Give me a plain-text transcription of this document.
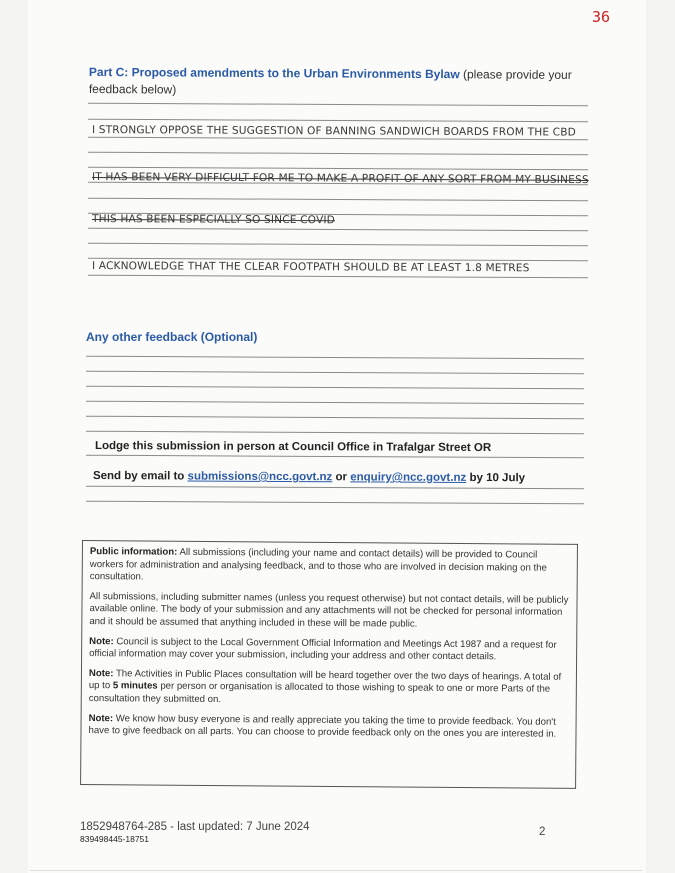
36
Part C: Proposed amendments to the Urban Environments Bylaw (please provide your feedback below)
I STRONGLY OPPOSE THE SUGGESTION OF BANNING SANDWICH BOARDS FROM THE CBD
IT HAS BEEN VERY DIFFICULT FOR ME TO MAKE A PROFIT OF ANY SORT FROM MY BUSINESS
THIS HAS BEEN ESPECIALLY SO SINCE COVID
I ACKNOWLEDGE THAT THE CLEAR FOOTPATH SHOULD BE AT LEAST 1.8 METRES
Any other feedback (Optional)
Lodge this submission in person at Council Office in Trafalgar Street OR
Send by email to submissions@ncc.govt.nz or enquiry@ncc.govt.nz by 10 July

Public information: All submissions (including your name and contact details) will be provided to Council workers for administration and analysing feedback, and to those who are involved in decision making on the consultation.

All submissions, including submitter names (unless you request otherwise) but not contact details, will be publicly available online. The body of your submission and any attachments will not be checked for personal information and it should be assumed that anything included in these will be made public.

Note: Council is subject to the Local Government Official Information and Meetings Act 1987 and a request for official information may cover your submission, including your address and other contact details.

Note: The Activities in Public Places consultation will be heard together over the two days of hearings. A total of up to 5 minutes per person or organisation is allocated to those wishing to speak to one or more Parts of the consultation they submitted on.

Note: We know how busy everyone is and really appreciate you taking the time to provide feedback. You don't have to give feedback on all parts. You can choose to provide feedback only on the ones you are interested in.

1852948764-285 - last updated: 7 June 2024
839498445-18751
2
